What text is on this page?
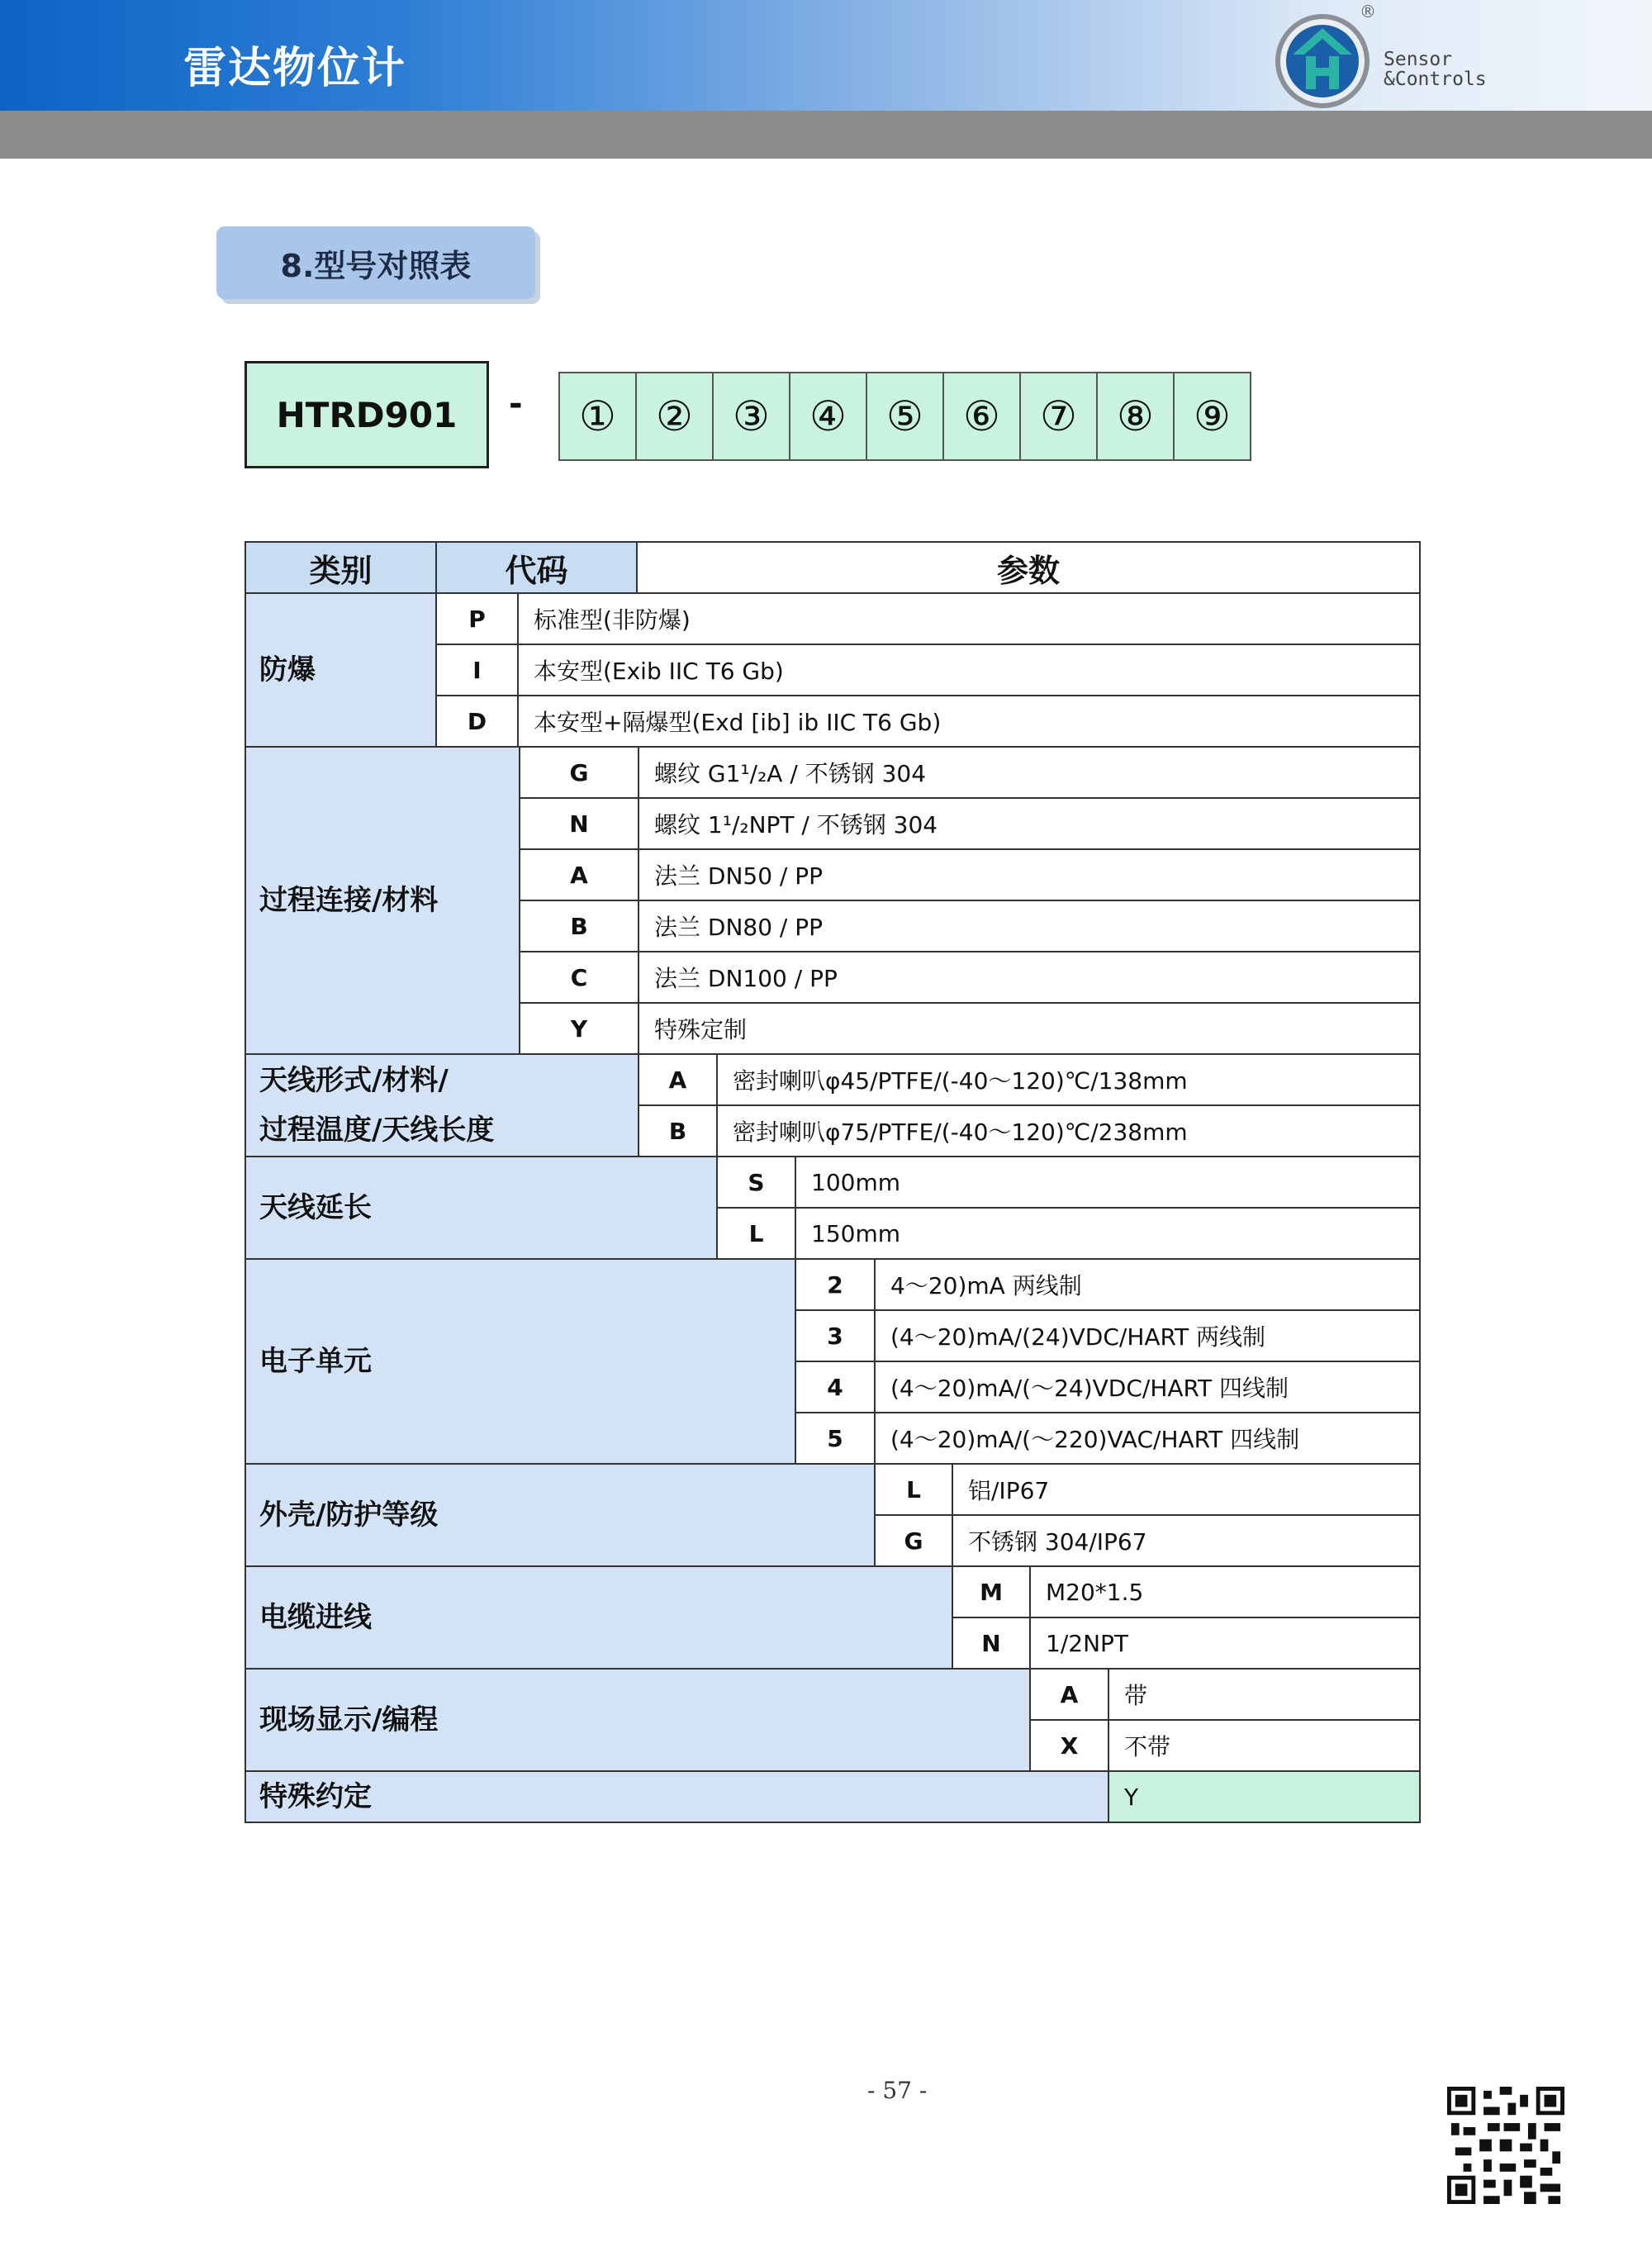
雷达物位计
®
Sensor
&Controls
8.型号对照表
HTRD901	-	① ② ③ ④ ⑤ ⑥ ⑦ ⑧ ⑨
类别	代码	参数
防爆
P	标准型(非防爆)
I	本安型(Exib IIC T6 Gb)
D	本安型+隔爆型(Exd [ib] ib IIC T6 Gb)
过程连接/材料
G	螺纹 G1¹/₂A / 不锈钢 304
N	螺纹 1¹/₂NPT / 不锈钢 304
A	法兰 DN50 / PP
B	法兰 DN80 / PP
C	法兰 DN100 / PP
Y	特殊定制
天线形式/材料/
过程温度/天线长度
A	密封喇叭φ45/PTFE/(-40～120)℃/138mm
B	密封喇叭φ75/PTFE/(-40～120)℃/238mm
天线延长
S	100mm
L	150mm
电子单元
2	4～20)mA 两线制
3	(4～20)mA/(24)VDC/HART 两线制
4	(4～20)mA/(～24)VDC/HART 四线制
5	(4～20)mA/(～220)VAC/HART 四线制
外壳/防护等级
L	铝/IP67
G	不锈钢 304/IP67
电缆进线
M	M20*1.5
N	1/2NPT
现场显示/编程
A	带
X	不带
特殊约定	Y
- 57 -
